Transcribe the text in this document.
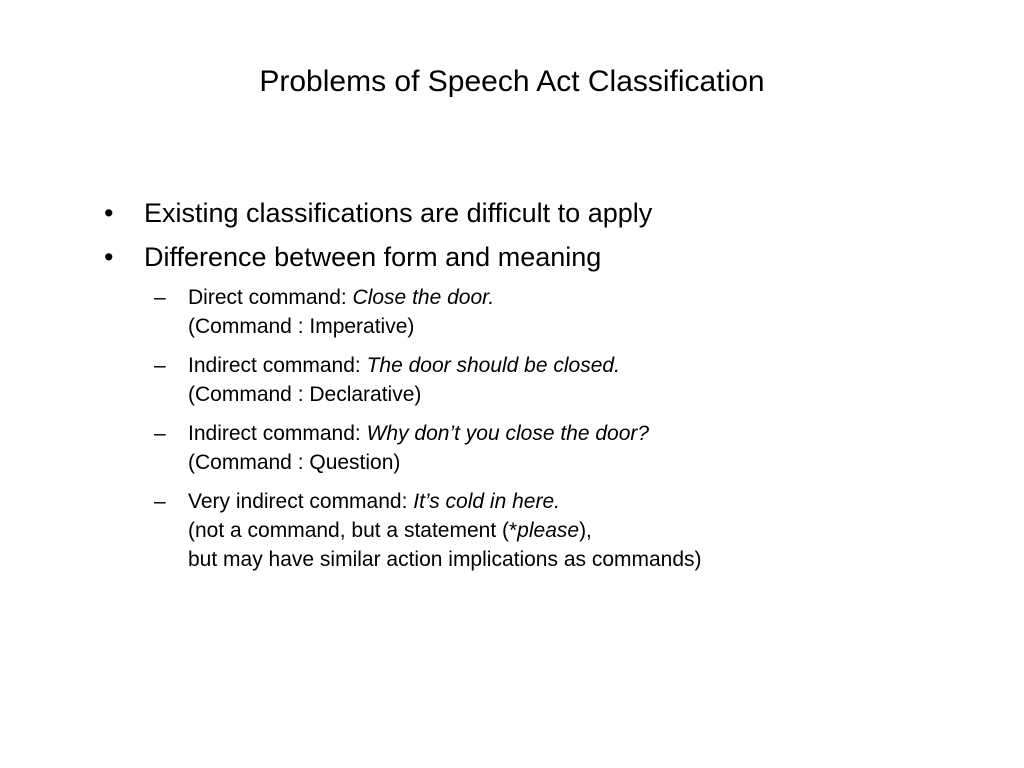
Problems of Speech Act Classification
• Existing classifications are difficult to apply
• Difference between form and meaning
– Direct command: Close the door.
(Command : Imperative)
– Indirect command: The door should be closed.
(Command : Declarative)
– Indirect command: Why don’t you close the door?
(Command : Question)
– Very indirect command: It’s cold in here.
(not a command, but a statement (*please),
but may have similar action implications as commands)
